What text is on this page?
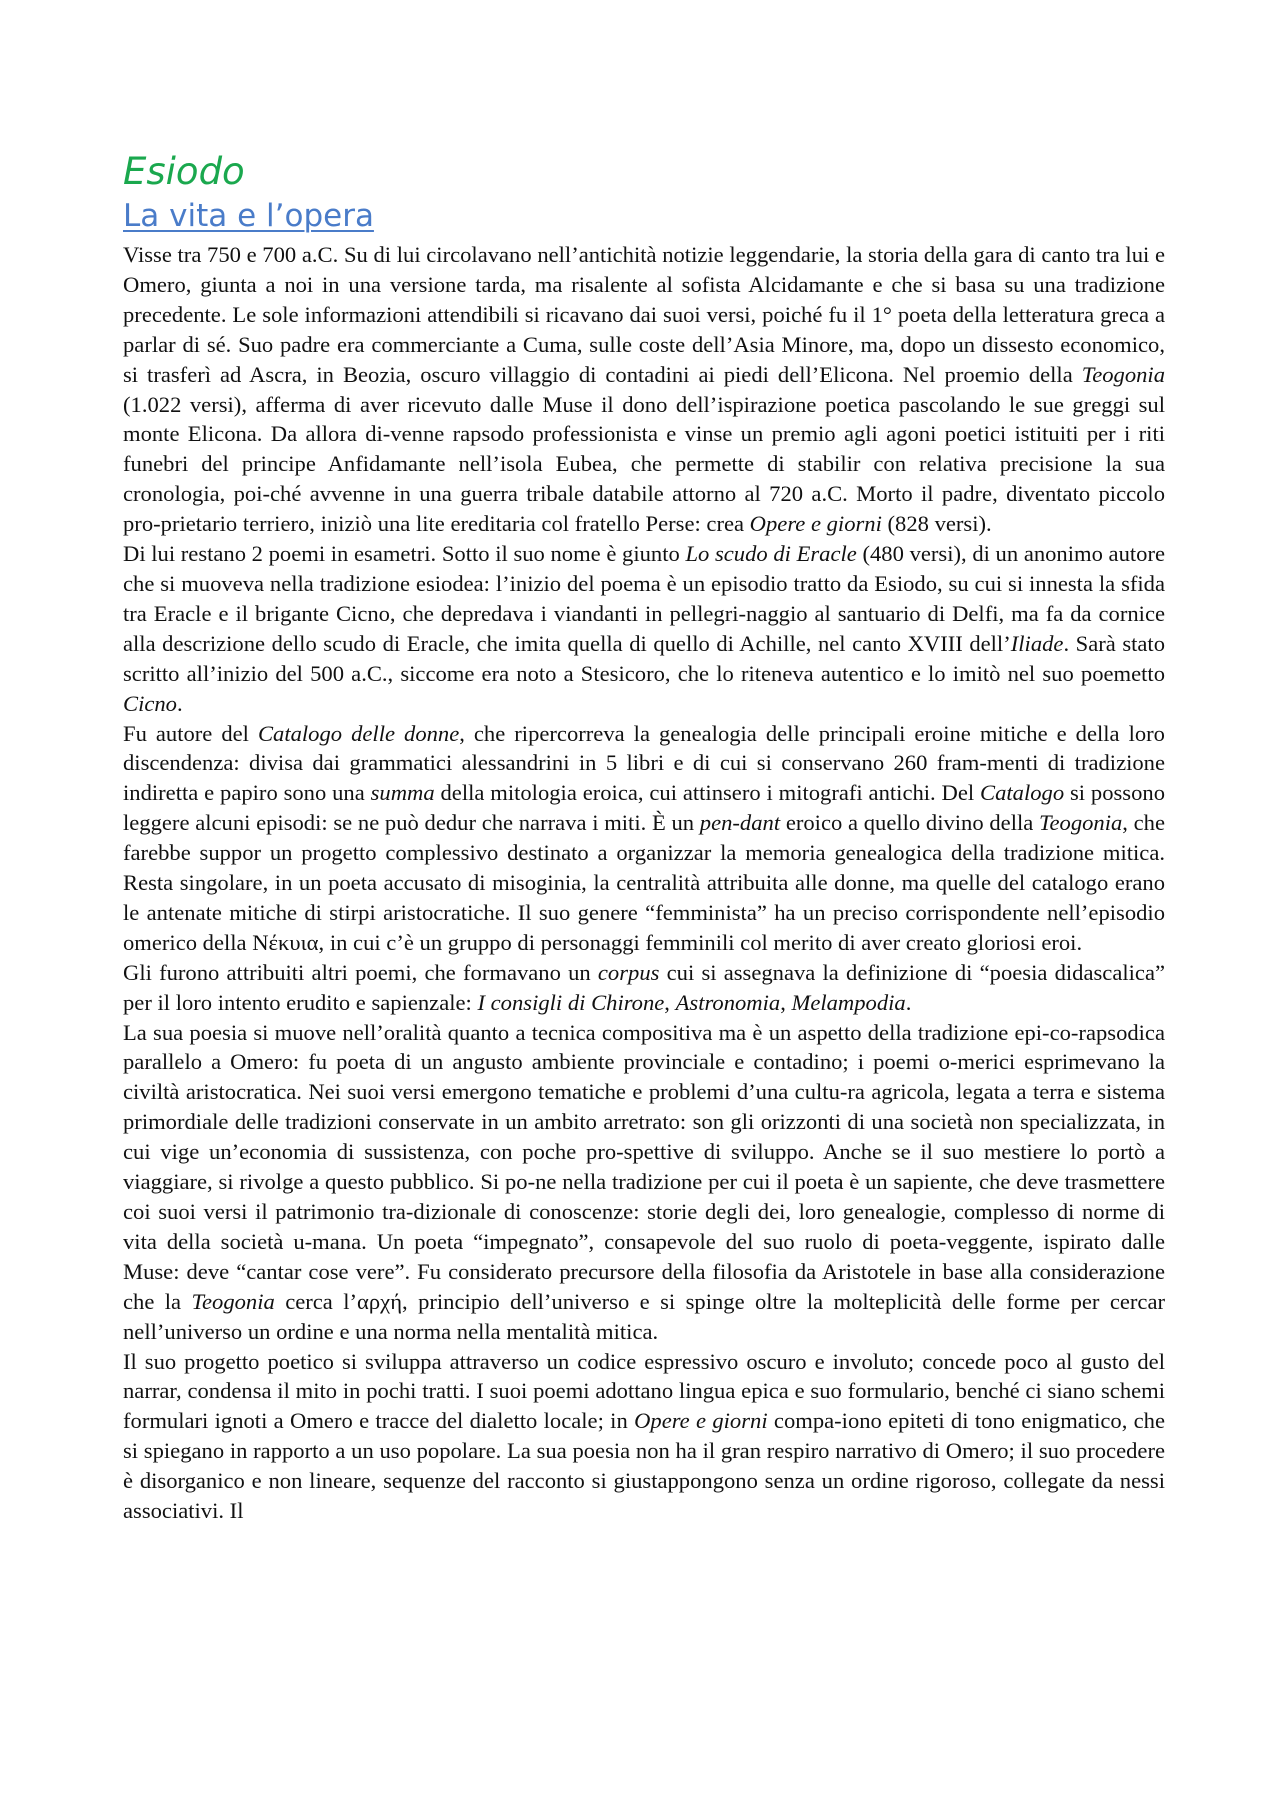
Esiodo
La vita e l’opera

Visse tra 750 e 700 a.C. Su di lui circolavano nell’antichità notizie leggendarie, la storia della gara di canto tra lui e Omero, giunta a noi in una versione tarda, ma risalente al sofista Alcidamante e che si basa su una tradizione precedente. Le sole informazioni attendibili si ricavano dai suoi versi, poiché fu il 1° poeta della letteratura greca a parlar di sé. Suo padre era commerciante a Cuma, sulle coste dell’Asia Minore, ma, dopo un dissesto economico, si trasferì ad Ascra, in Beozia, oscuro villaggio di contadini ai piedi dell’Elicona. Nel proemio della Teogonia (1.022 versi), afferma di aver ricevuto dalle Muse il dono dell’ispirazione poetica pascolando le sue greggi sul monte Elicona. Da allora di-venne rapsodo professionista e vinse un premio agli agoni poetici istituiti per i riti funebri del principe Anfidamante nell’isola Eubea, che permette di stabilir con relativa precisione la sua cronologia, poi-ché avvenne in una guerra tribale databile attorno al 720 a.C. Morto il padre, diventato piccolo pro-prietario terriero, iniziò una lite ereditaria col fratello Perse: crea Opere e giorni (828 versi).

Di lui restano 2 poemi in esametri. Sotto il suo nome è giunto Lo scudo di Eracle (480 versi), di un anonimo autore che si muoveva nella tradizione esiodea: l’inizio del poema è un episodio tratto da Esiodo, su cui si innesta la sfida tra Eracle e il brigante Cicno, che depredava i viandanti in pellegri-naggio al santuario di Delfi, ma fa da cornice alla descrizione dello scudo di Eracle, che imita quella di quello di Achille, nel canto XVIII dell’Iliade. Sarà stato scritto all’inizio del 500 a.C., siccome era noto a Stesicoro, che lo riteneva autentico e lo imitò nel suo poemetto Cicno.

Fu autore del Catalogo delle donne, che ripercorreva la genealogia delle principali eroine mitiche e della loro discendenza: divisa dai grammatici alessandrini in 5 libri e di cui si conservano 260 fram-menti di tradizione indiretta e papiro sono una summa della mitologia eroica, cui attinsero i mitografi antichi. Del Catalogo si possono leggere alcuni episodi: se ne può dedur che narrava i miti. È un pen-dant eroico a quello divino della Teogonia, che farebbe suppor un progetto complessivo destinato a organizzar la memoria genealogica della tradizione mitica. Resta singolare, in un poeta accusato di misoginia, la centralità attribuita alle donne, ma quelle del catalogo erano le antenate mitiche di stirpi aristocratiche. Il suo genere “femminista” ha un preciso corrispondente nell’episodio omerico della Νέκυια, in cui c’è un gruppo di personaggi femminili col merito di aver creato gloriosi eroi.

Gli furono attribuiti altri poemi, che formavano un corpus cui si assegnava la definizione di “poesia didascalica” per il loro intento erudito e sapienzale: I consigli di Chirone, Astronomia, Melampodia.

La sua poesia si muove nell’oralità quanto a tecnica compositiva ma è un aspetto della tradizione epi-co-rapsodica parallelo a Omero: fu poeta di un angusto ambiente provinciale e contadino; i poemi o-merici esprimevano la civiltà aristocratica. Nei suoi versi emergono tematiche e problemi d’una cultu-ra agricola, legata a terra e sistema primordiale delle tradizioni conservate in un ambito arretrato: son gli orizzonti di una società non specializzata, in cui vige un’economia di sussistenza, con poche pro-spettive di sviluppo. Anche se il suo mestiere lo portò a viaggiare, si rivolge a questo pubblico. Si po-ne nella tradizione per cui il poeta è un sapiente, che deve trasmettere coi suoi versi il patrimonio tra-dizionale di conoscenze: storie degli dei, loro genealogie, complesso di norme di vita della società u-mana. Un poeta “impegnato”, consapevole del suo ruolo di poeta-veggente, ispirato dalle Muse: deve “cantar cose vere”. Fu considerato precursore della filosofia da Aristotele in base alla considerazione che la Teogonia cerca l’αρχή, principio dell’universo e si spinge oltre la molteplicità delle forme per cercar nell’universo un ordine e una norma nella mentalità mitica.

Il suo progetto poetico si sviluppa attraverso un codice espressivo oscuro e involuto; concede poco al gusto del narrar, condensa il mito in pochi tratti. I suoi poemi adottano lingua epica e suo formulario, benché ci siano schemi formulari ignoti a Omero e tracce del dialetto locale; in Opere e giorni compa-iono epiteti di tono enigmatico, che si spiegano in rapporto a un uso popolare. La sua poesia non ha il gran respiro narrativo di Omero; il suo procedere è disorganico e non lineare, sequenze del racconto si giustappongono senza un ordine rigoroso, collegate da nessi associativi. Il
